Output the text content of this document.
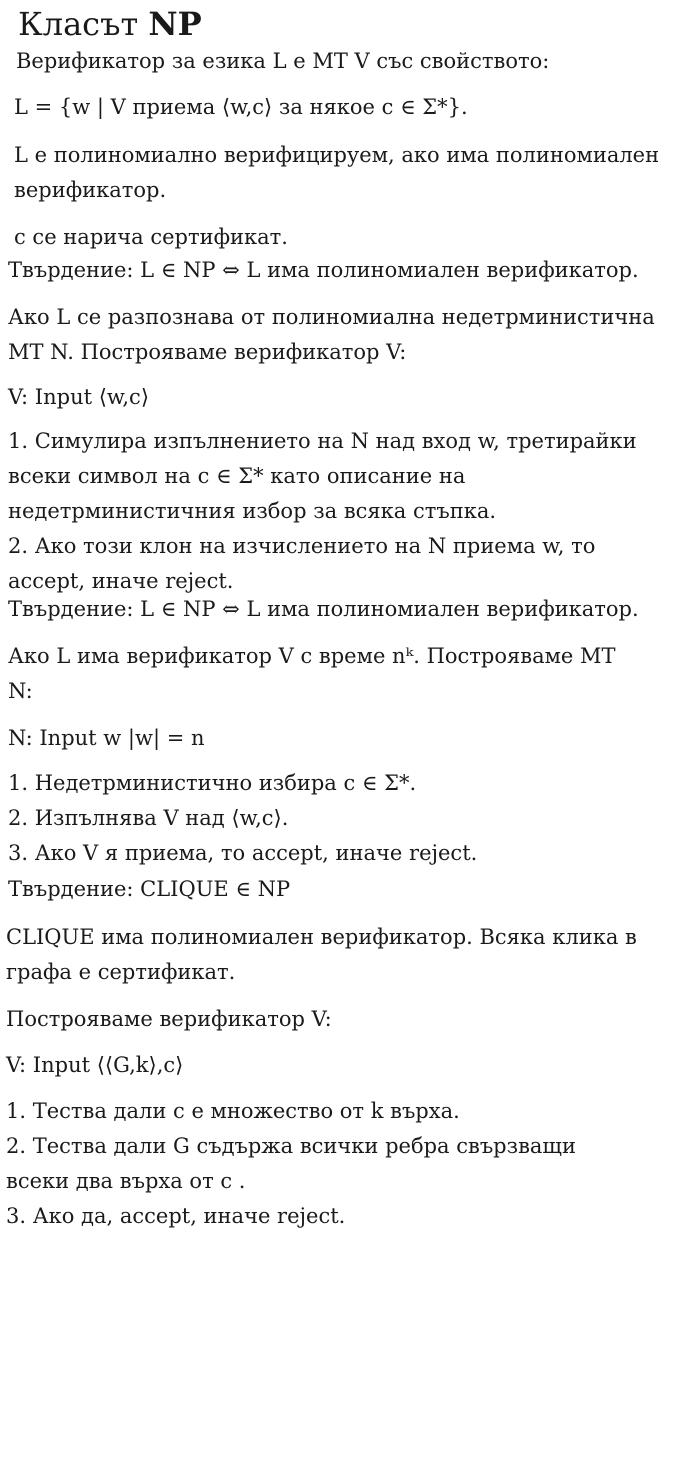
Класът NP

Верификатор за езика L е МТ V със свойството:

L = {w | V приема ⟨w,c⟩ за някое c ∈ Σ*}.

L е полиномиално верифицируем, ако има полиномиален

верификатор.

c се нарича сертификат.

Твърдение: L ∈ NP ⇔ L има полиномиален верификатор.

Ако L се разпознава от полиномиална недетрминистична

МТ N. Построяваме верификатор V:

V: Input ⟨w,c⟩

1. Симулира изпълнението на N над вход w, третирайки

всеки символ на c ∈ Σ* като описание на

недетрминистичния избор за всяка стъпка.

2. Ако този клон на изчислението на N приема w, то

accept, иначе reject.

Твърдение: L ∈ NP ⇔ L има полиномиален верификатор.

Ако L има верификатор V с време nᵏ. Построяваме МТ

N:

N: Input w |w| = n

1. Недетрминистично избира c ∈ Σ*.

2. Изпълнява V над ⟨w,c⟩.

3. Ако V я приема, то accept, иначе reject.

Твърдение: CLIQUE ∈ NP

CLIQUE има полиномиален верификатор. Всяка клика в

графа е сертификат.

Построяваме верификатор V:

V: Input ⟨⟨G,k⟩,c⟩

1. Тества дали c е множество от k върха.

2. Тества дали G съдържа всички ребра свързващи

всеки два върха от c .

3. Ако да, accept, иначе reject.
